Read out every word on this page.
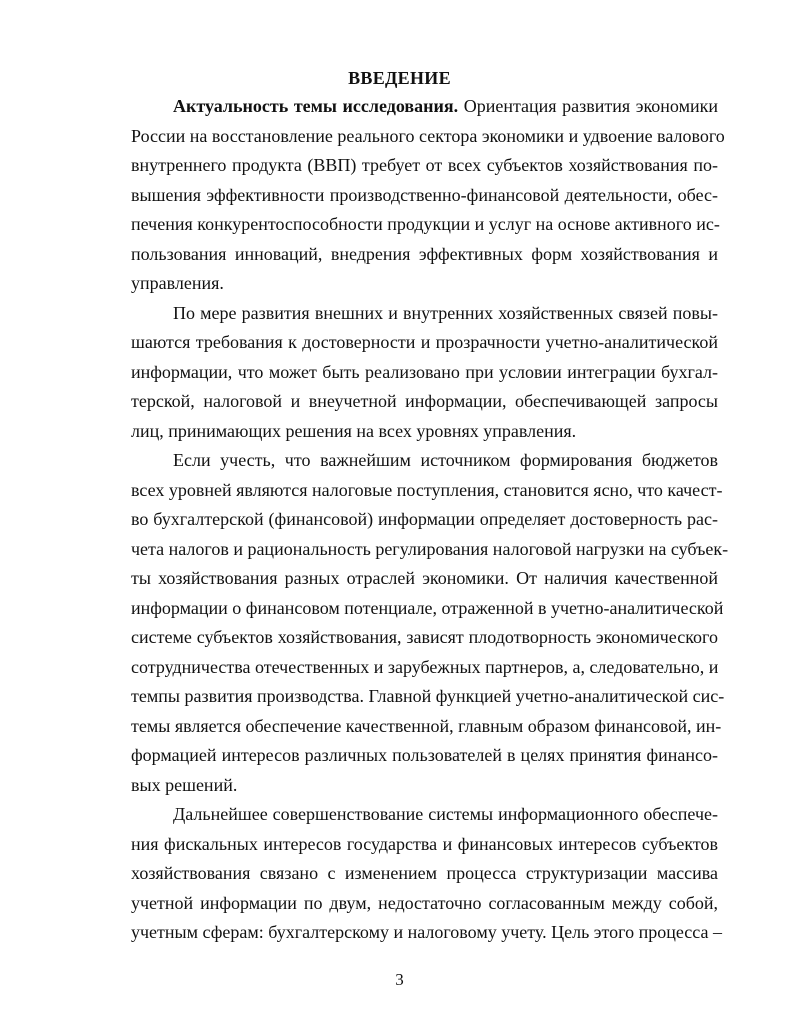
ВВЕДЕНИЕ
Актуальность темы исследования. Ориентация развития экономики
России на восстановление реального сектора экономики и удвоение валового
внутреннего продукта (ВВП) требует от всех субъектов хозяйствования по-
вышения эффективности производственно-финансовой деятельности, обес-
печения конкурентоспособности продукции и услуг на основе активного ис-
пользования инноваций, внедрения эффективных форм хозяйствования и
управления.
По мере развития внешних и внутренних хозяйственных связей повы-
шаются требования к достоверности и прозрачности учетно-аналитической
информации, что может быть реализовано при условии интеграции бухгал-
терской, налоговой и внеучетной информации, обеспечивающей запросы
лиц, принимающих решения на всех уровнях управления.
Если учесть, что важнейшим источником формирования бюджетов
всех уровней являются налоговые поступления, становится ясно, что качест-
во бухгалтерской (финансовой) информации определяет достоверность рас-
чета налогов и рациональность регулирования налоговой нагрузки на субъек-
ты хозяйствования разных отраслей экономики. От наличия качественной
информации о финансовом потенциале, отраженной в учетно-аналитической
системе субъектов хозяйствования, зависят плодотворность экономического
сотрудничества отечественных и зарубежных партнеров, а, следовательно, и
темпы развития производства. Главной функцией учетно-аналитической сис-
темы является обеспечение качественной, главным образом финансовой, ин-
формацией интересов различных пользователей в целях принятия финансо-
вых решений.
Дальнейшее совершенствование системы информационного обеспече-
ния фискальных интересов государства и финансовых интересов субъектов
хозяйствования связано с изменением процесса структуризации массива
учетной информации по двум, недостаточно согласованным между собой,
учетным сферам: бухгалтерскому и налоговому учету. Цель этого процесса –
3
